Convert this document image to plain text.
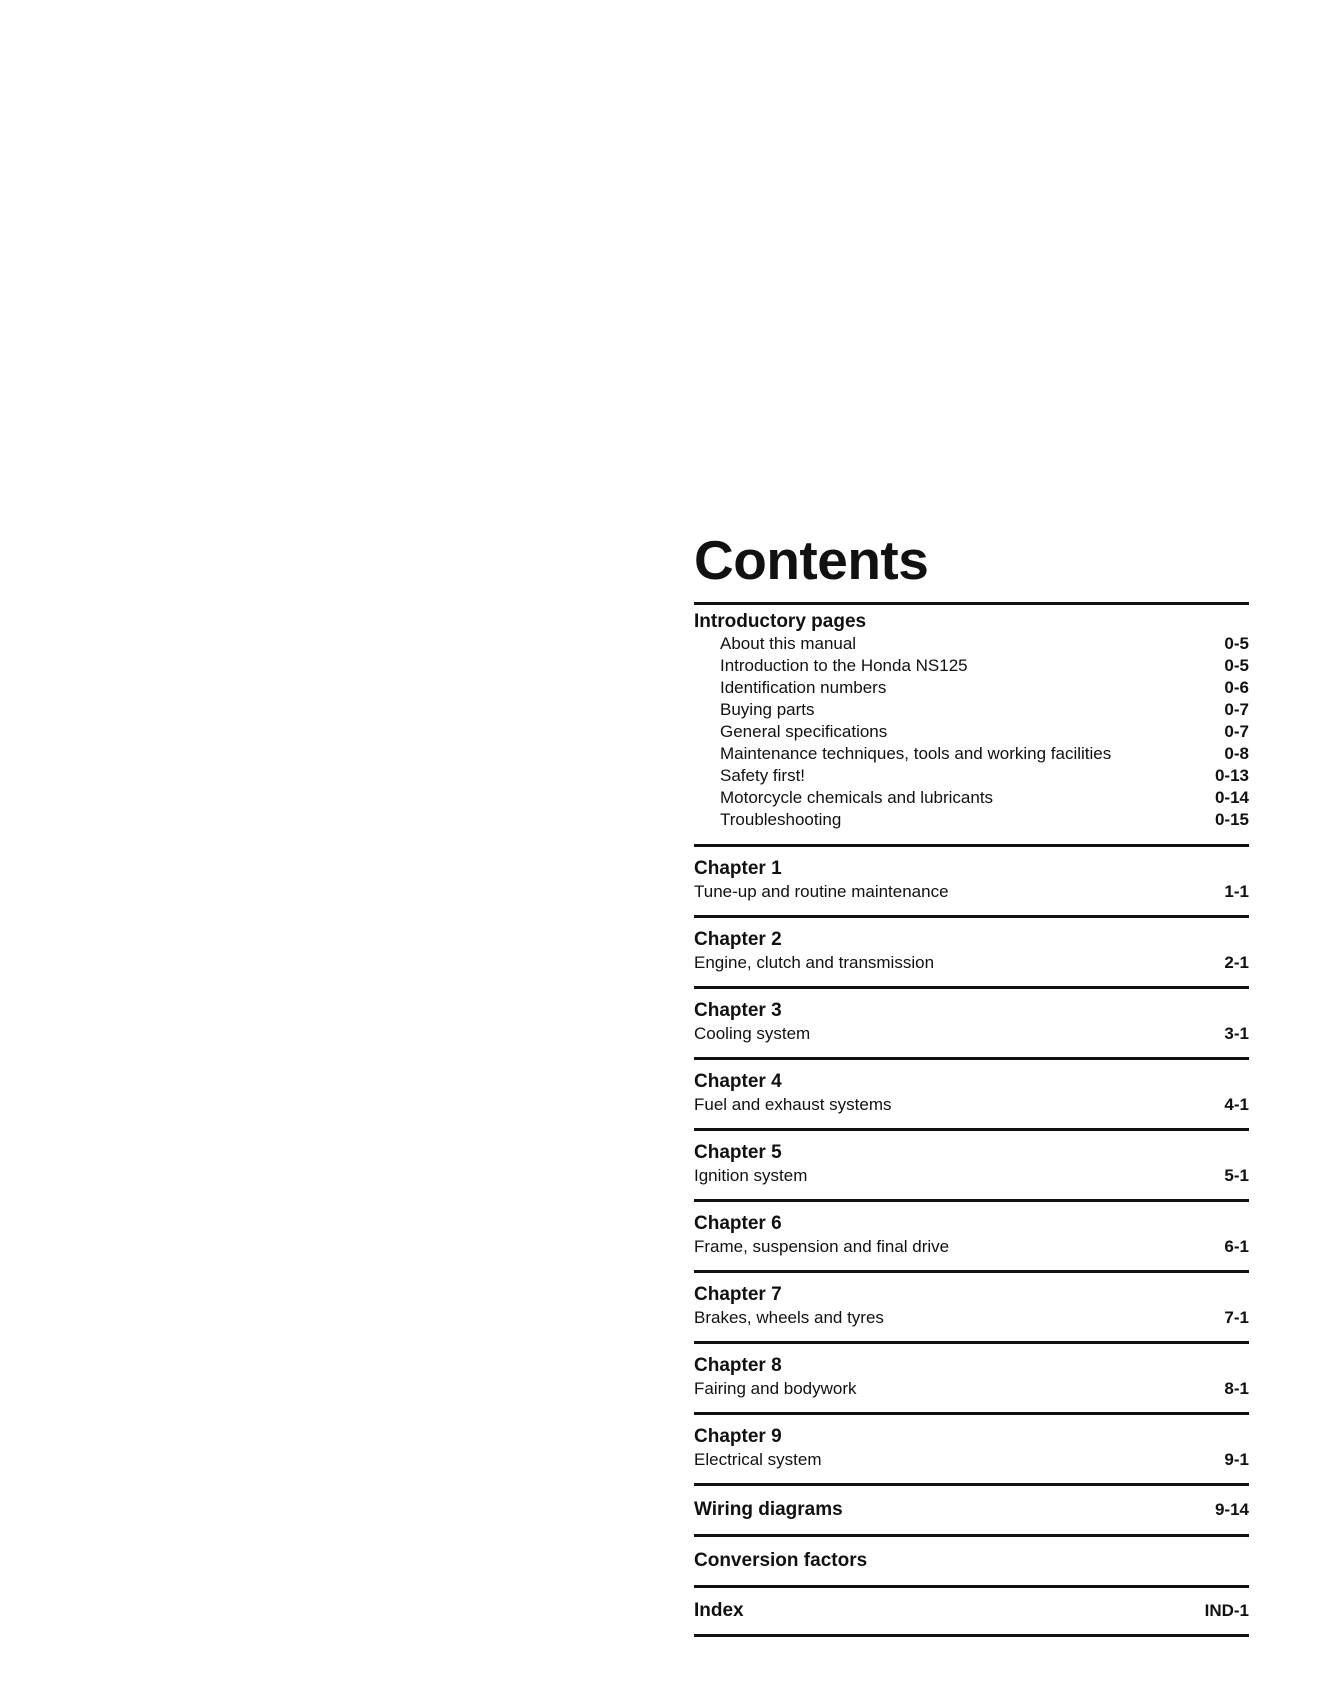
Contents
Introductory pages
About this manual	0-5
Introduction to the Honda NS125	0-5
Identification numbers	0-6
Buying parts	0-7
General specifications	0-7
Maintenance techniques, tools and working facilities	0-8
Safety first!	0-13
Motorcycle chemicals and lubricants	0-14
Troubleshooting	0-15
Chapter 1
Tune-up and routine maintenance	1-1
Chapter 2
Engine, clutch and transmission	2-1
Chapter 3
Cooling system	3-1
Chapter 4
Fuel and exhaust systems	4-1
Chapter 5
Ignition system	5-1
Chapter 6
Frame, suspension and final drive	6-1
Chapter 7
Brakes, wheels and tyres	7-1
Chapter 8
Fairing and bodywork	8-1
Chapter 9
Electrical system	9-1
Wiring diagrams	9-14
Conversion factors
Index	IND-1
